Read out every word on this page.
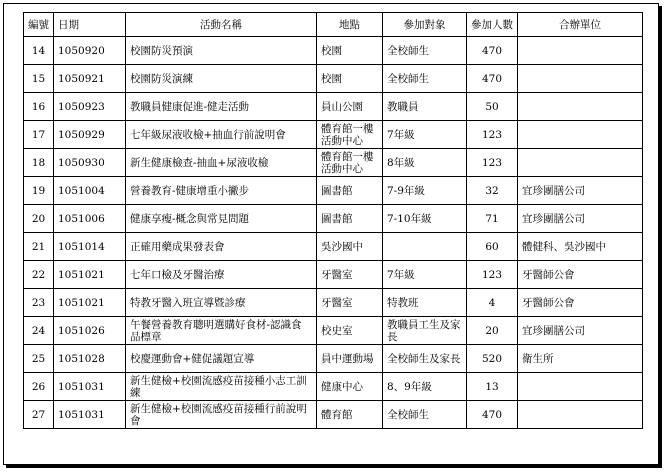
編號	日期	活動名稱	地點	參加對象	參加人數	合辦單位
14	1050920	校園防災預演	校園	全校師生	470	
15	1050921	校園防災演練	校園	全校師生	470	
16	1050923	教職員健康促進-健走活動	員山公園	教職員	50	
17	1050929	七年級尿液收檢+抽血行前說明會	體育館一樓活動中心	7年級	123	
18	1050930	新生健康檢查-抽血+尿液收檢	體育館一樓活動中心	8年級	123	
19	1051004	營養教育-健康增重小撇步	圖書館	7-9年級	32	宜珍團膳公司
20	1051006	健康享瘦-概念與常見問題	圖書館	7-10年級	71	宜珍團膳公司
21	1051014	正確用藥成果發表會	吳沙國中		60	體健科、吳沙國中
22	1051021	七年口檢及牙醫治療	牙醫室	7年級	123	牙醫師公會
23	1051021	特教牙醫入班宣導暨診療	牙醫室	特教班	4	牙醫師公會
24	1051026	午餐營養教育聰明選購好食材-認識食品標章	校史室	教職員工生及家長	20	宜珍團膳公司
25	1051028	校慶運動會+健促議題宣導	員中運動場	全校師生及家長	520	衛生所
26	1051031	新生健檢+校園流感疫苗接種小志工訓練	健康中心	8、9年級	13	
27	1051031	新生健檢+校園流感疫苗接種行前說明會	體育館	全校師生	470	
